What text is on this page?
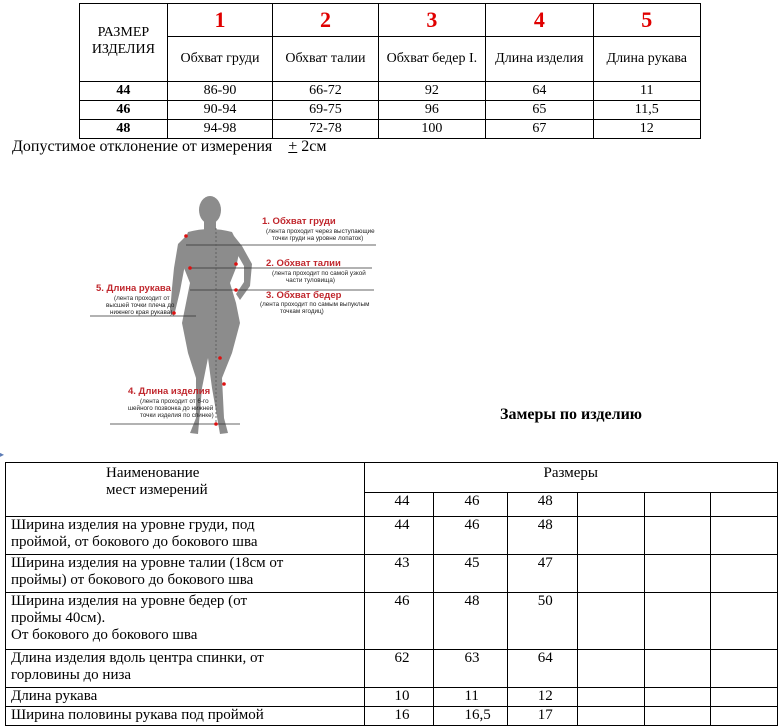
РАЗМЕР ИЗДЕЛИЯ	1	2	3	4	5
	Обхват груди	Обхват талии	Обхват бедер I.	Длина изделия	Длина рукава
44	86-90	66-72	92	64	11
46	90-94	69-75	96	65	11,5
48	94-98	72-78	100	67	12
Допустимое отклонение от измерения + 2см
1. Обхват груди
(лента проходит через выступающие
точки груди на уровне лопаток)
2. Обхват талии
(лента проходит по самой узкой
части туловища)
3. Обхват бедер
(лента проходит по самым выпуклым
точкам ягодиц)
5. Длина рукава
(лента проходит от
высшей точки плеча до
нижнего края рукава)
4. Длина изделия
(лента проходит от 6-го
шейного позвонка до нижней
точки изделия по спинке)	Замеры по изделию
▸
Наименование
мест измерений	Размеры					
	44	46	48			

Ширина изделия на уровне груди, под
проймой, от бокового до бокового шва	44	46	48			

Ширина изделия на уровне талии (18см от
проймы) от бокового до бокового шва	43	45	47			

Ширина изделия на уровне бедер (от
проймы 40см).
От бокового до бокового шва	46	48	50			

Длина изделия вдоль центра спинки, от
горловины до низа	62	63	64			
Длина рукава	10	11	12			
Ширина половины рукава под проймой	16	16,5	17			
